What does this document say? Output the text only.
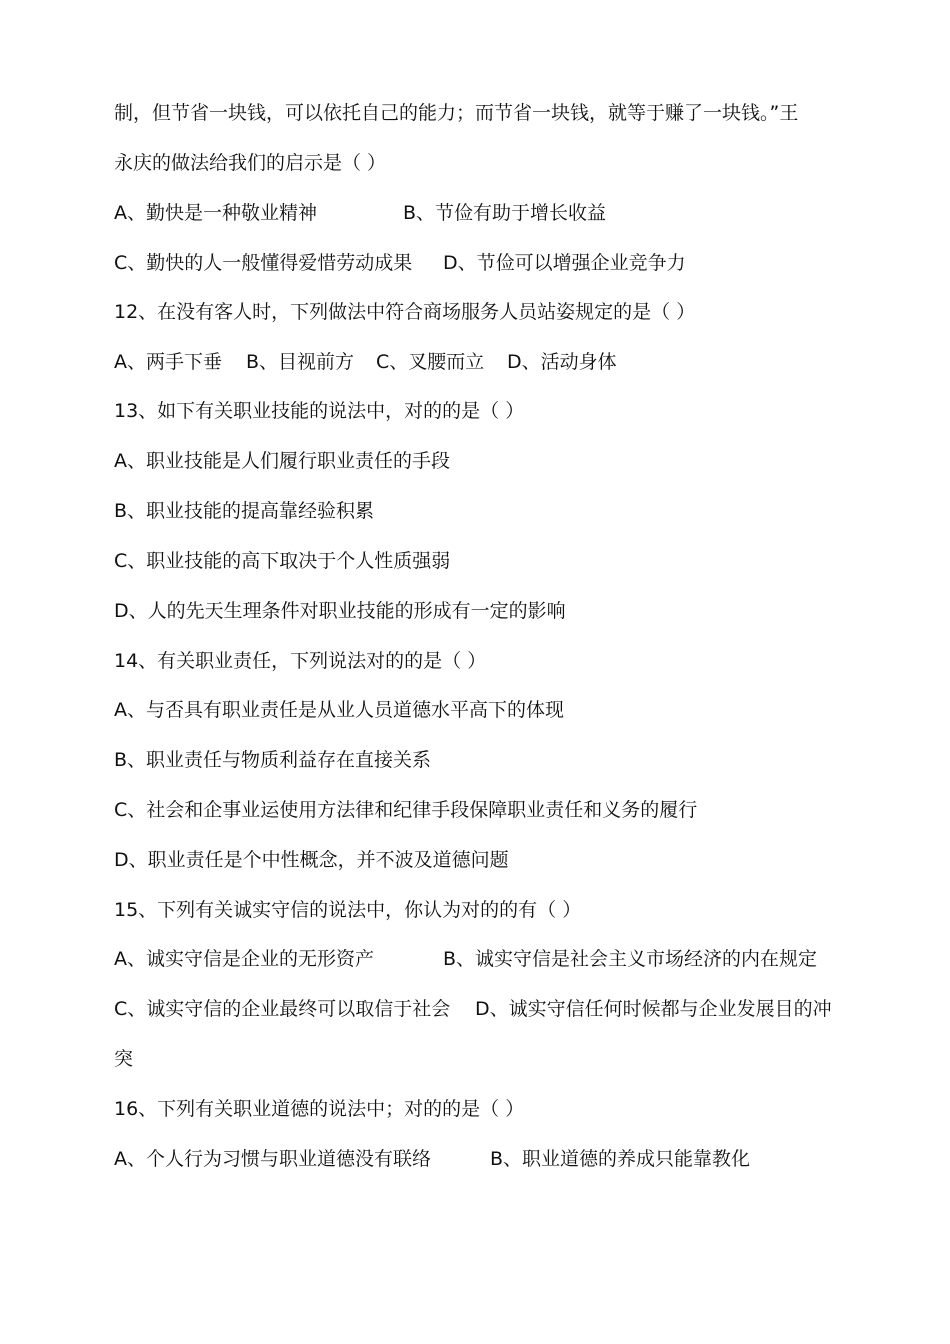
制，但节省一块钱，可以依托自己的能力；而节省一块钱，就等于赚了一块钱。”王
永庆的做法给我们的启示是（ ）
A、勤快是一种敬业精神	B、节俭有助于增长收益
C、勤快的人一般懂得爱惜劳动成果 D、节俭可以增强企业竞争力
12、在没有客人时，下列做法中符合商场服务人员站姿规定的是（ ）
A、两手下垂 B、目视前方 C、叉腰而立 D、活动身体
13、如下有关职业技能的说法中，对的的是（ ）
A、职业技能是人们履行职业责任的手段
B、职业技能的提高靠经验积累
C、职业技能的高下取决于个人性质强弱
D、人的先天生理条件对职业技能的形成有一定的影响
14、有关职业责任，下列说法对的的是（ ）
A、与否具有职业责任是从业人员道德水平高下的体现
B、职业责任与物质利益存在直接关系
C、社会和企事业运使用方法律和纪律手段保障职业责任和义务的履行
D、职业责任是个中性概念，并不波及道德问题
15、下列有关诚实守信的说法中，你认为对的的有（ ）
A、诚实守信是企业的无形资产	B、诚实守信是社会主义市场经济的内在规定
C、诚实守信的企业最终可以取信于社会 D、诚实守信任何时候都与企业发展目的冲
突
16、下列有关职业道德的说法中；对的的是（ ）
A、个人行为习惯与职业道德没有联络	B、职业道德的养成只能靠教化
